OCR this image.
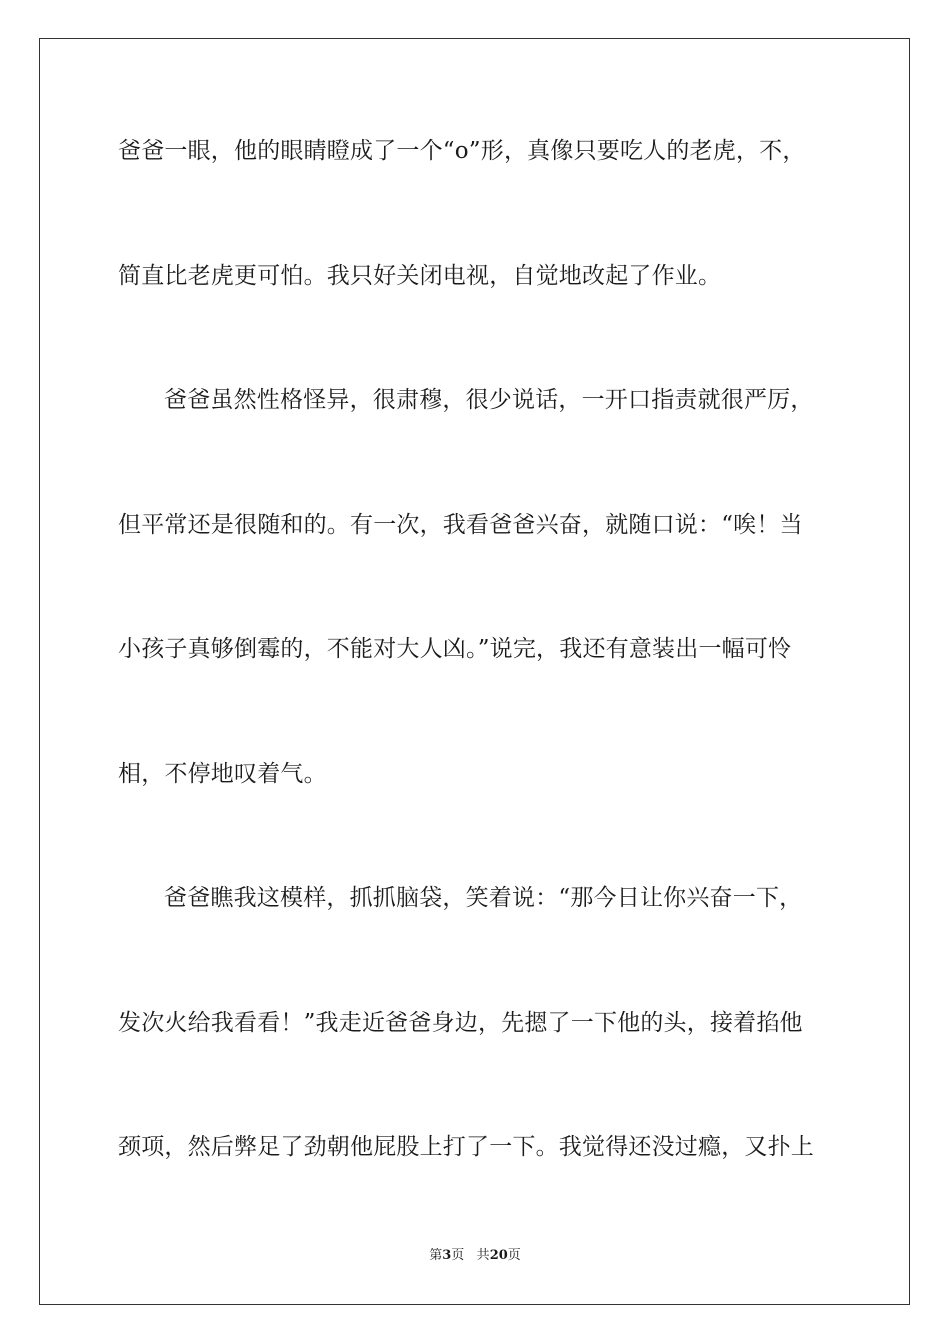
爸爸一眼，他的眼睛瞪成了一个“o”形，真像只要吃人的老虎，不，
简直比老虎更可怕。我只好关闭电视，自觉地改起了作业。
爸爸虽然性格怪异，很肃穆，很少说话，一开口指责就很严厉，
但平常还是很随和的。有一次，我看爸爸兴奋，就随口说：“唉！当
小孩子真够倒霉的，不能对大人凶。”说完，我还有意装出一幅可怜
相，不停地叹着气。
爸爸瞧我这模样，抓抓脑袋，笑着说：“那今日让你兴奋一下，
发次火给我看看！”我走近爸爸身边，先摁了一下他的头，接着掐他
颈项，然后弊足了劲朝他屁股上打了一下。我觉得还没过瘾，又扑上
第3页 共20页
